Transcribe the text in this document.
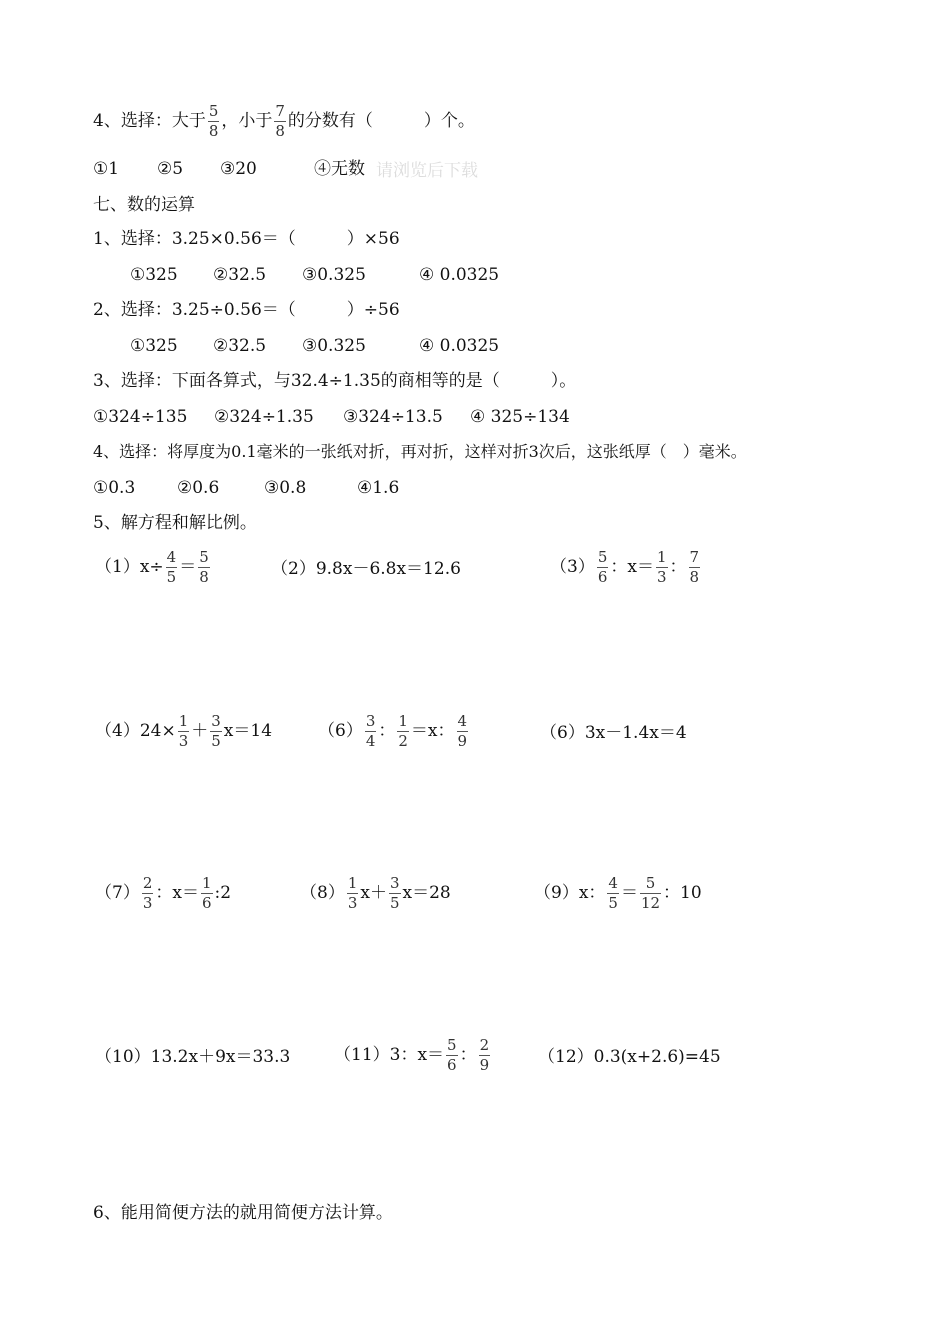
4、选择：大于 $\frac{5}{8}$ ，小于 $\frac{7}{8}$ 的分数有（　　　）个。
①1 ②5 ③20	④无数 请浏览后下载
七、数的运算
1、选择：3.25×0.56＝（　　　）×56
①325 ②32.5 ③0.325	④ 0.0325
2、选择：3.25÷0.56＝（　　　）÷56
①325 ②32.5 ③0.325	④ 0.0325
3、选择：下面各算式，与32.4÷1.35的商相等的是（　　　）。
①324÷135 ②324÷1.35 ③324÷13.5 ④ 325÷134
4、选择：将厚度为0.1毫米的一张纸对折，再对折，这样对折3次后，这张纸厚（　）毫米。
①0.3 ②0.6	③0.8	④1.6
5、解方程和解比例。
$(1)x\div \frac{4}{5} = \frac{5}{8}$	（2）9.8x－6.8x＝12.6	$(3) \frac{5}{6}$ ：$x= \frac{1}{3}$ ： $\frac{7}{8}$
$(4)24\times \frac{1}{3} + \frac{3}{5} x=14$	$(6) \frac{3}{4}$ ： $\frac{1}{2} =x$： $\frac{4}{9}$	（6）3x－1.4x＝4
$(7) \frac{2}{3}$ ：$x= \frac{1}{6}$ :2	$(8) \frac{1}{3} x+ \frac{3}{5} x=28$	（9）x： $\frac{4}{5} = \frac{5}{12}$ ：10
（10）13.2x＋9x＝33.3	（11）3：$x= \frac{5}{6}$ ： $\frac{2}{9}$	（12）0.3(x+2.6)=45
6、能用简便方法的就用简便方法计算。
